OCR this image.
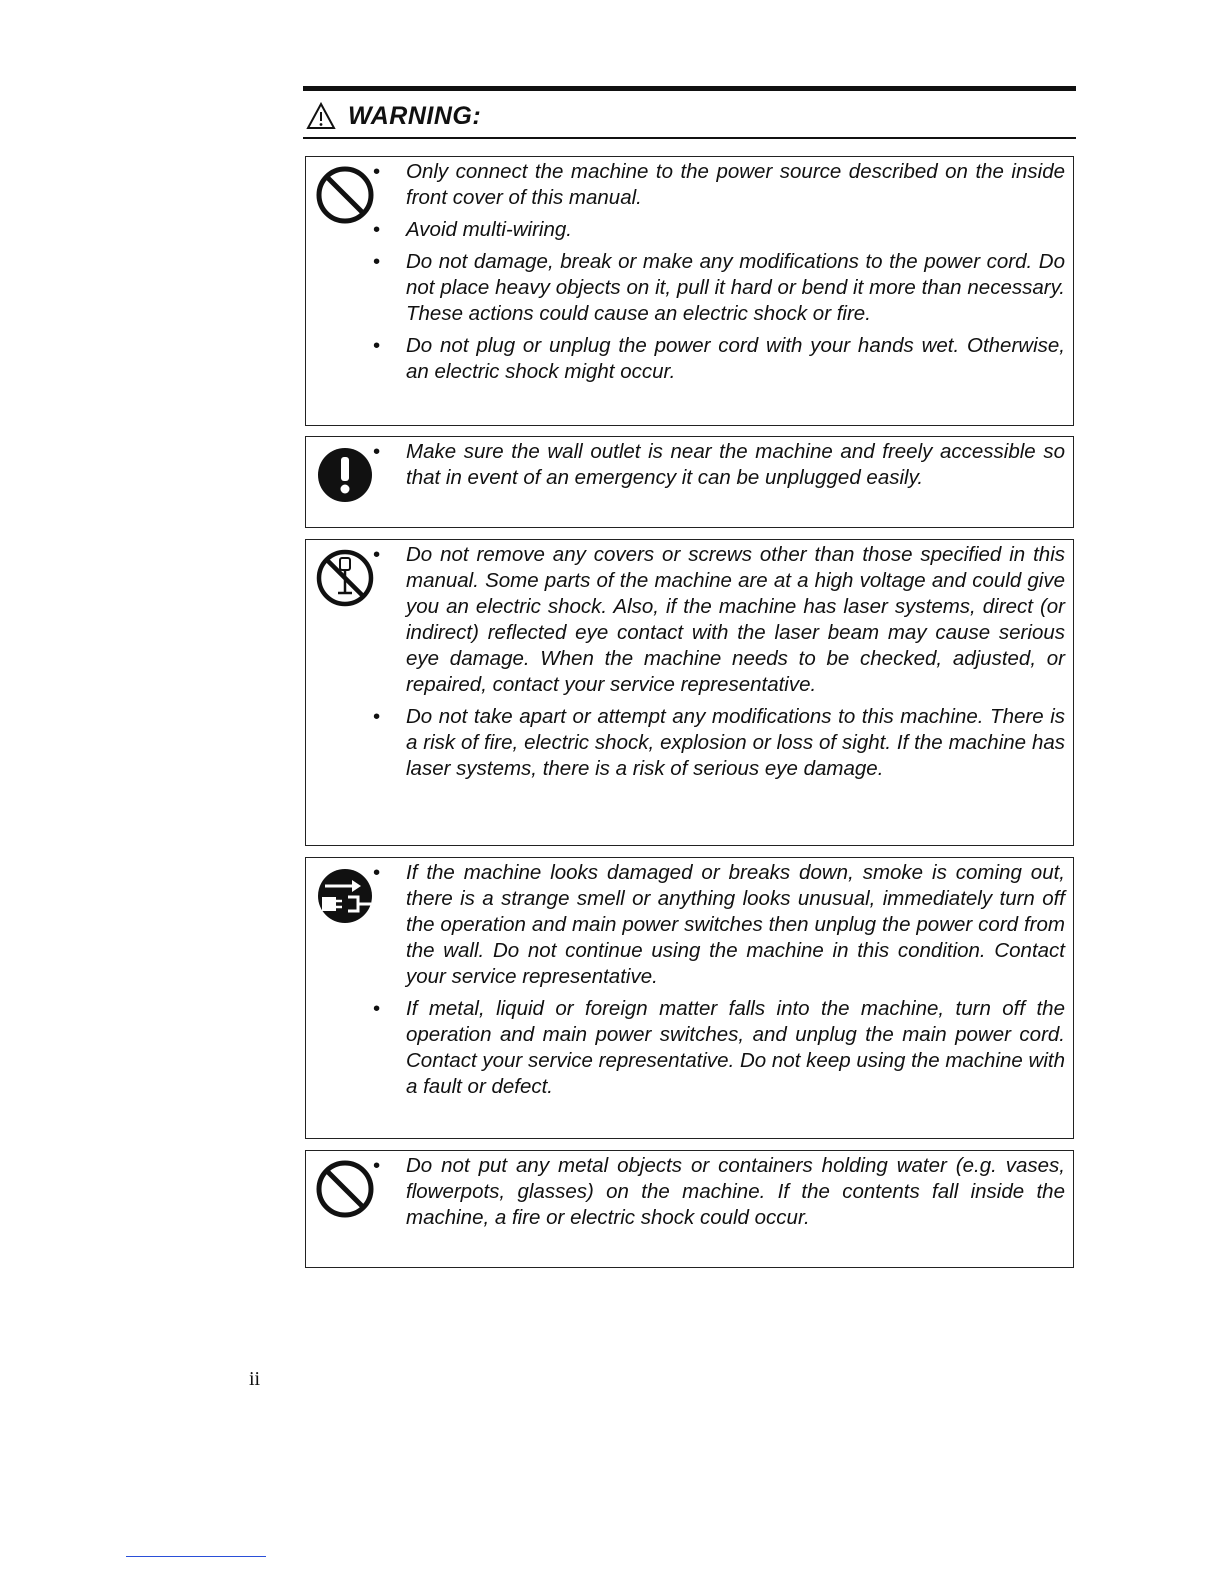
WARNING:
• Only connect the machine to the power source described on the inside front cover of this manual.
• Avoid multi-wiring.
• Do not damage, break or make any modifications to the power cord. Do not place heavy objects on it, pull it hard or bend it more than necessary. These actions could cause an electric shock or fire.
• Do not plug or unplug the power cord with your hands wet. Otherwise, an electric shock might occur.
• Make sure the wall outlet is near the machine and freely accessible so that in event of an emergency it can be unplugged easily.
• Do not remove any covers or screws other than those specified in this manual. Some parts of the machine are at a high voltage and could give you an electric shock. Also, if the machine has laser systems, direct (or indirect) reflected eye contact with the laser beam may cause serious eye damage. When the machine needs to be checked, adjusted, or repaired, contact your service representative.
• Do not take apart or attempt any modifications to this machine. There is a risk of fire, electric shock, explosion or loss of sight. If the machine has laser systems, there is a risk of serious eye damage.
• If the machine looks damaged or breaks down, smoke is coming out, there is a strange smell or anything looks unusual, immediately turn off the operation and main power switches then unplug the power cord from the wall. Do not continue using the machine in this condition. Contact your service representative.
• If metal, liquid or foreign matter falls into the machine, turn off the operation and main power switches, and unplug the main power cord. Contact your service representative. Do not keep using the machine with a fault or defect.
• Do not put any metal objects or containers holding water (e.g. vases, flowerpots, glasses) on the machine. If the contents fall inside the machine, a fire or electric shock could occur.
ii
